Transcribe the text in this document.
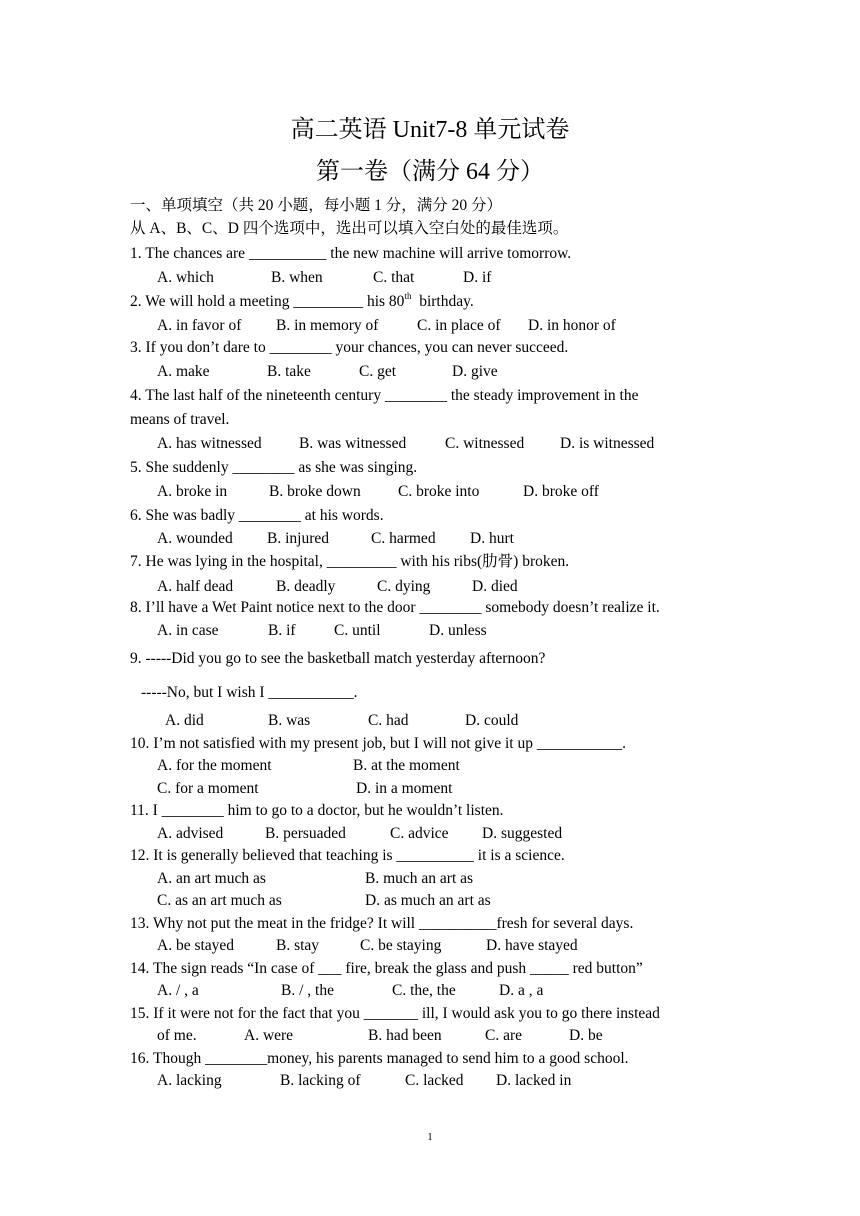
高二英语 Unit7-8 单元试卷
第一卷（满分 64 分）
一、单项填空（共 20 小题，每小题 1 分，满分 20 分）
从 A、B、C、D 四个选项中，选出可以填入空白处的最佳选项。
1. The chances are __________ the new machine will arrive tomorrow.
A. which	B. when	C. that	D. if
2. We will hold a meeting _________ his 80th  birthday.
A. in favor of B. in memory of C. in place of D. in honor of
3. If you don’t dare to ________ your chances, you can never succeed.
A. make	B. take	C. get	D. give
4. The last half of the nineteenth century ________ the steady improvement in the
means of travel.
A. has witnessed B. was witnessed	C. witnessed D. is witnessed
5. She suddenly ________ as she was singing.
A. broke in	B. broke down C. broke into	D. broke off
6. She was badly ________ at his words.
A. wounded B. injured	C. harmed D. hurt
7. He was lying in the hospital, _________ with his ribs(肋骨) broken.
A. half dead	B. deadly	C. dying	D. died
8. I’ll have a Wet Paint notice next to the door ________ somebody doesn’t realize it.
A. in case	B. if C. until	D. unless
9. -----Did you go to see the basketball match yesterday afternoon?
-----No, but I wish I ___________.
A. did	B. was	C. had	D. could
10. I’m not satisfied with my present job, but I will not give it up ___________.
A. for the moment	B. at the moment
C. for a moment	D. in a moment
11. I ________ him to go to a doctor, but he wouldn’t listen.
A. advised	B. persuaded	C. advice D. suggested
12. It is generally believed that teaching is __________ it is a science.
A. an art much as	B. much an art as
C. as an art much as	D. as much an art as
13. Why not put the meat in the fridge? It will __________fresh for several days.
A. be stayed	B. stay	C. be staying	D. have stayed
14. The sign reads “In case of ___ fire, break the glass and push _____ red button”
A. / , a	B. / , the	C. the, the	D. a , a
15. If it were not for the fact that you _______ ill, I would ask you to go there instead
of me.	A. were	B. had been	C. are	D. be
16. Though ________money, his parents managed to send him to a good school.
A. lacking	B. lacking of	C. lacked D. lacked in
1
